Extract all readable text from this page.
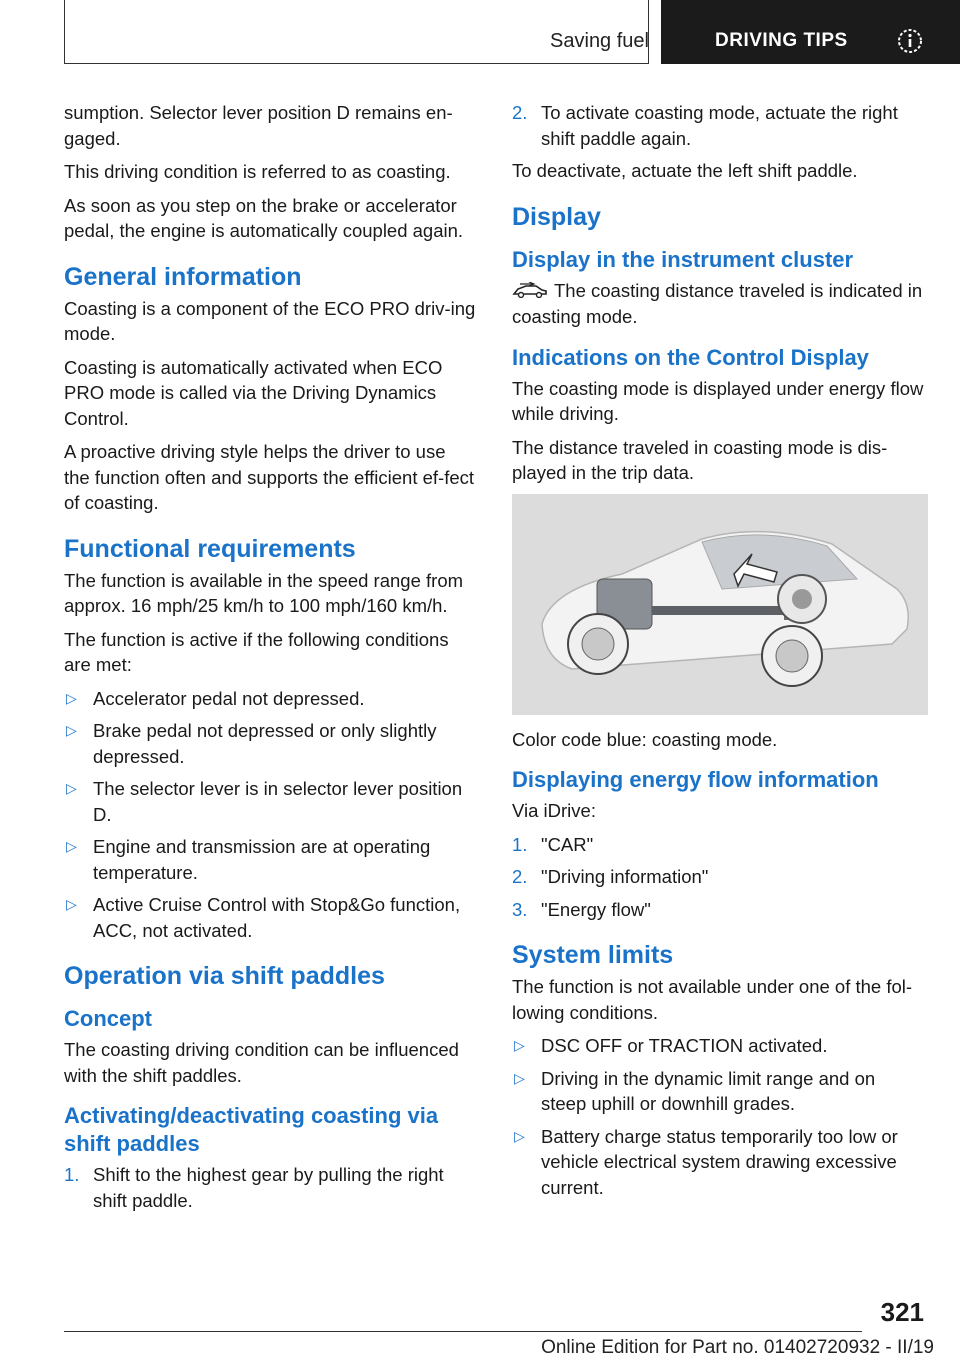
Saving fuel	DRIVING TIPS

sumption. Selector lever position D remains en‐gaged.

This driving condition is referred to as coasting.

As soon as you step on the brake or accelerator pedal, the engine is automatically coupled again.

General information

Coasting is a component of the ECO PRO driv‐ing mode.

Coasting is automatically activated when ECO PRO mode is called via the Driving Dynamics Control.

A proactive driving style helps the driver to use the function often and supports the efficient ef‐fect of coasting.

Functional requirements

The function is available in the speed range from approx. 16 mph/25 km/h to 100 mph/160 km/h.

The function is active if the following conditions are met:

▷ Accelerator pedal not depressed.
▷ Brake pedal not depressed or only slightly depressed.
▷ The selector lever is in selector lever position D.
▷ Engine and transmission are at operating temperature.
▷ Active Cruise Control with Stop&Go function, ACC, not activated.
Operation via shift paddles
Concept

The coasting driving condition can be influenced with the shift paddles.

Activating/deactivating coasting via shift paddles
1. Shift to the highest gear by pulling the right shift paddle.
2. To activate coasting mode, actuate the right shift paddle again.

To deactivate, actuate the left shift paddle.

Display
Display in the instrument cluster

The coasting distance traveled is indicated in coasting mode.

Indications on the Control Display

The coasting mode is displayed under energy flow while driving.

The distance traveled in coasting mode is dis‐played in the trip data.

Color code blue: coasting mode.

Displaying energy flow information

Via iDrive:

1. "CAR"
2. "Driving information"
3. "Energy flow"
System limits

The function is not available under one of the fol‐lowing conditions.

▷ DSC OFF or TRACTION activated.
▷ Driving in the dynamic limit range and on steep uphill or downhill grades.
▷ Battery charge status temporarily too low or vehicle electrical system drawing excessive current.
321
Online Edition for Part no. 01402720932 - II/19
